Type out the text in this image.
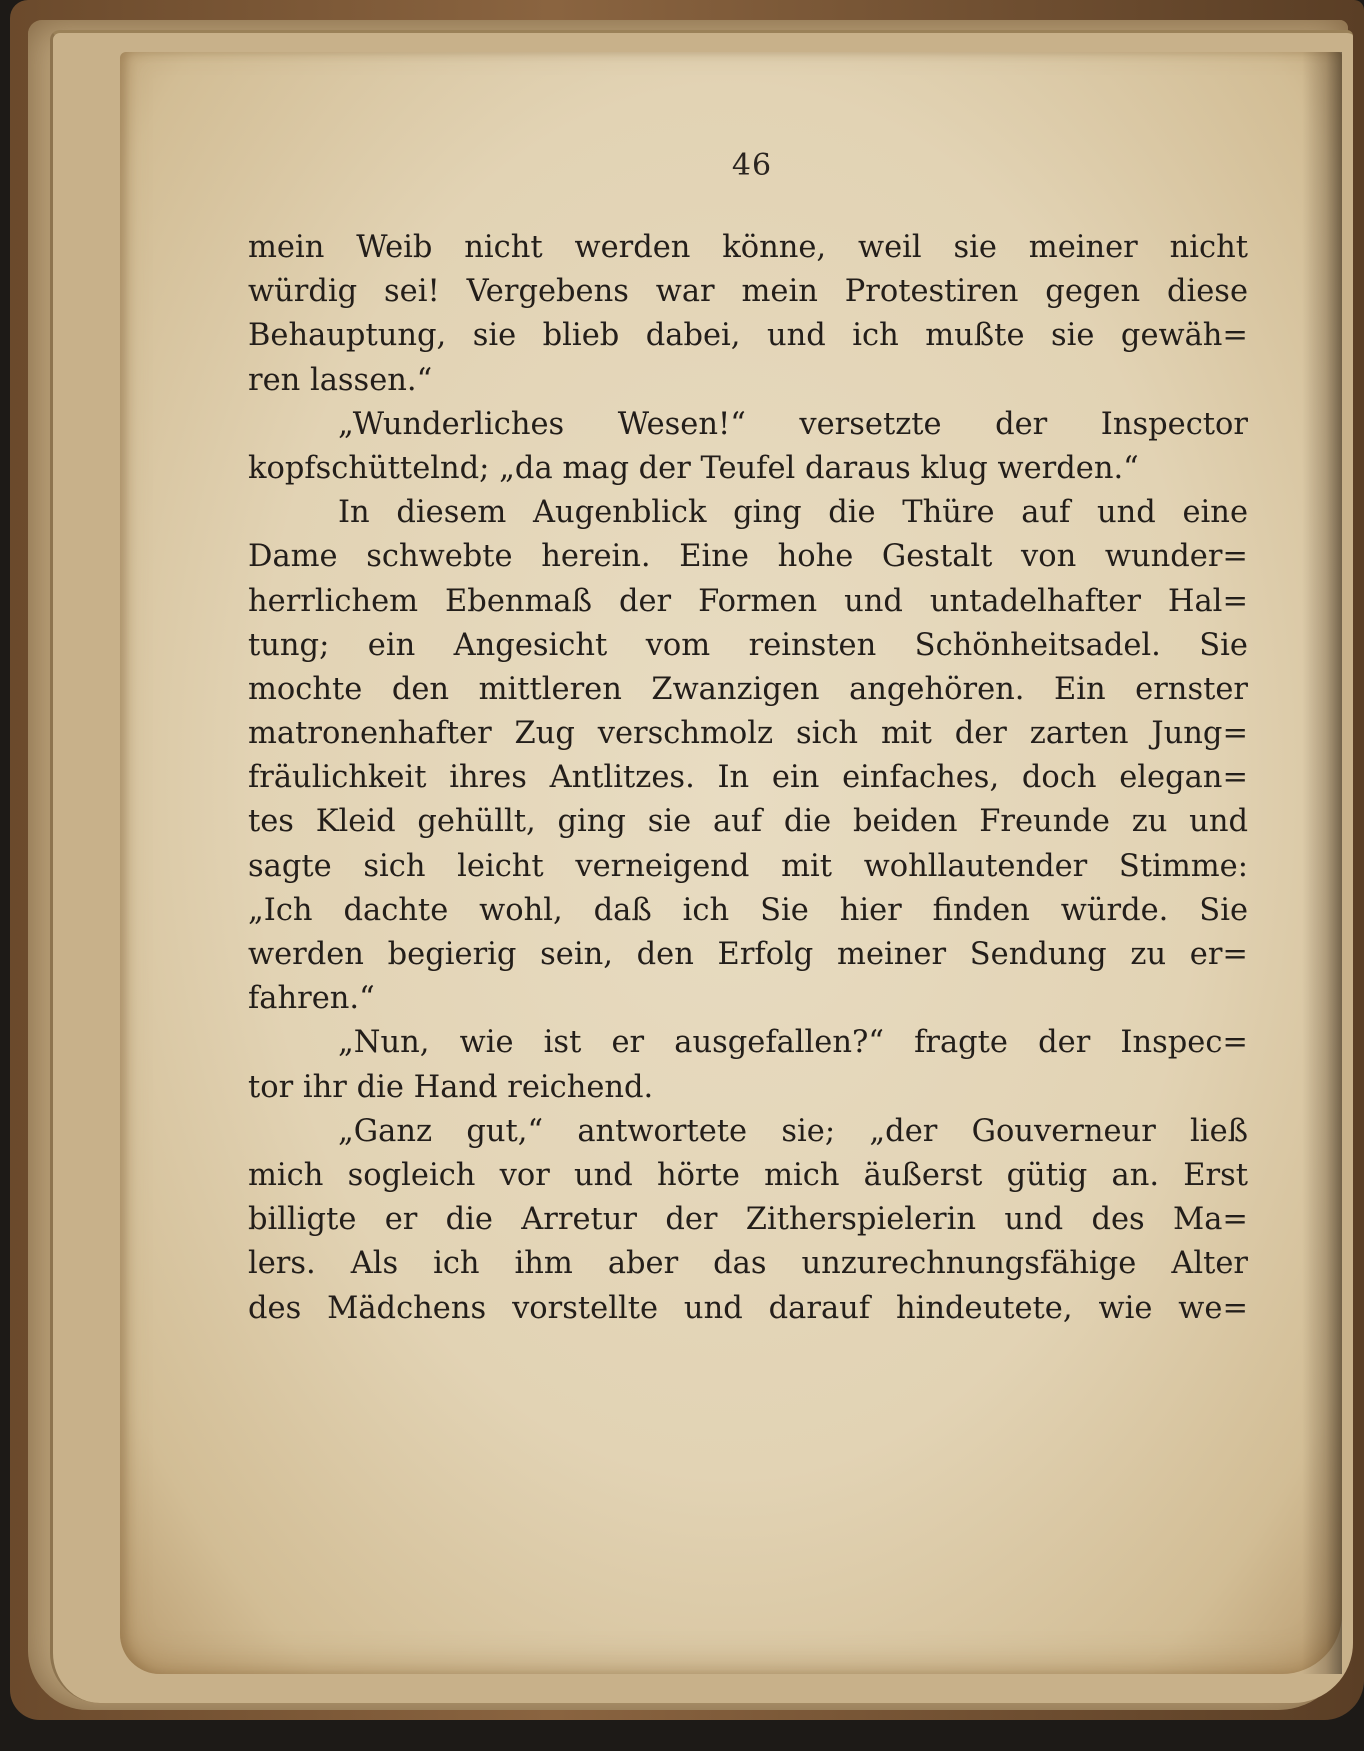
46
mein Weib nicht werden könne, weil sie meiner nicht
würdig sei! Vergebens war mein Protestiren gegen diese
Behauptung, sie blieb dabei, und ich mußte sie gewäh=
ren lassen.“
„Wunderliches Wesen!“ versetzte der Inspector
kopfschüttelnd; „da mag der Teufel daraus klug werden.“
In diesem Augenblick ging die Thüre auf und eine
Dame schwebte herein. Eine hohe Gestalt von wunder=
herrlichem Ebenmaß der Formen und untadelhafter Hal=
tung; ein Angesicht vom reinsten Schönheitsadel. Sie
mochte den mittleren Zwanzigen angehören. Ein ernster
matronenhafter Zug verschmolz sich mit der zarten Jung=
fräulichkeit ihres Antlitzes. In ein einfaches, doch elegan=
tes Kleid gehüllt, ging sie auf die beiden Freunde zu und
sagte sich leicht verneigend mit wohllautender Stimme:
„Ich dachte wohl, daß ich Sie hier finden würde. Sie
werden begierig sein, den Erfolg meiner Sendung zu er=
fahren.“
„Nun, wie ist er ausgefallen?“ fragte der Inspec=
tor ihr die Hand reichend.
„Ganz gut,“ antwortete sie; „der Gouverneur ließ
mich sogleich vor und hörte mich äußerst gütig an. Erst
billigte er die Arretur der Zitherspielerin und des Ma=
lers. Als ich ihm aber das unzurechnungsfähige Alter
des Mädchens vorstellte und darauf hindeutete, wie we=
